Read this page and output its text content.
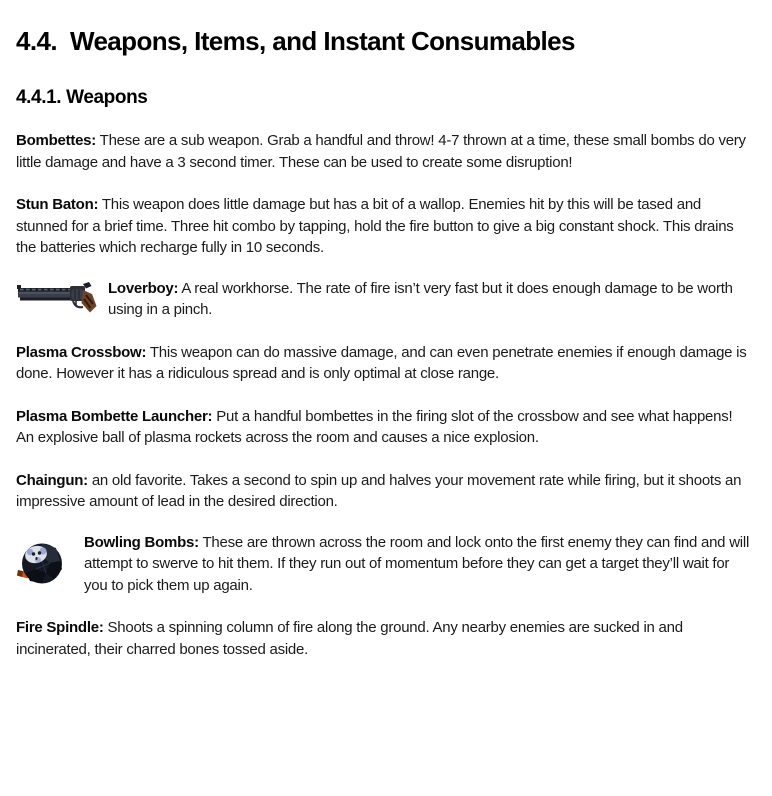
4.4. Weapons, Items, and Instant Consumables
4.4.1. Weapons

Bombettes: These are a sub weapon. Grab a handful and throw! 4-7 thrown at a time, these small bombs do very little damage and have a 3 second timer. These can be used to create some disruption!

Stun Baton: This weapon does little damage but has a bit of a wallop. Enemies hit by this will be tased and stunned for a brief time. Three hit combo by tapping, hold the fire button to give a big constant shock. This drains the batteries which recharge fully in 10 seconds.

Loverboy: A real workhorse. The rate of fire isn’t very fast but it does enough damage to be worth using in a pinch.

Plasma Crossbow: This weapon can do massive damage, and can even penetrate enemies if enough damage is done. However it has a ridiculous spread and is only optimal at close range.

Plasma Bombette Launcher: Put a handful bombettes in the firing slot of the crossbow and see what happens! An explosive ball of plasma rockets across the room and causes a nice explosion.

Chaingun: an old favorite. Takes a second to spin up and halves your movement rate while firing, but it shoots an impressive amount of lead in the desired direction.

Bowling Bombs: These are thrown across the room and lock onto the first enemy they can find and will attempt to swerve to hit them. If they run out of momentum before they can get a target they’ll wait for you to pick them up again.

Fire Spindle: Shoots a spinning column of fire along the ground. Any nearby enemies are sucked in and incinerated, their charred bones tossed aside.
